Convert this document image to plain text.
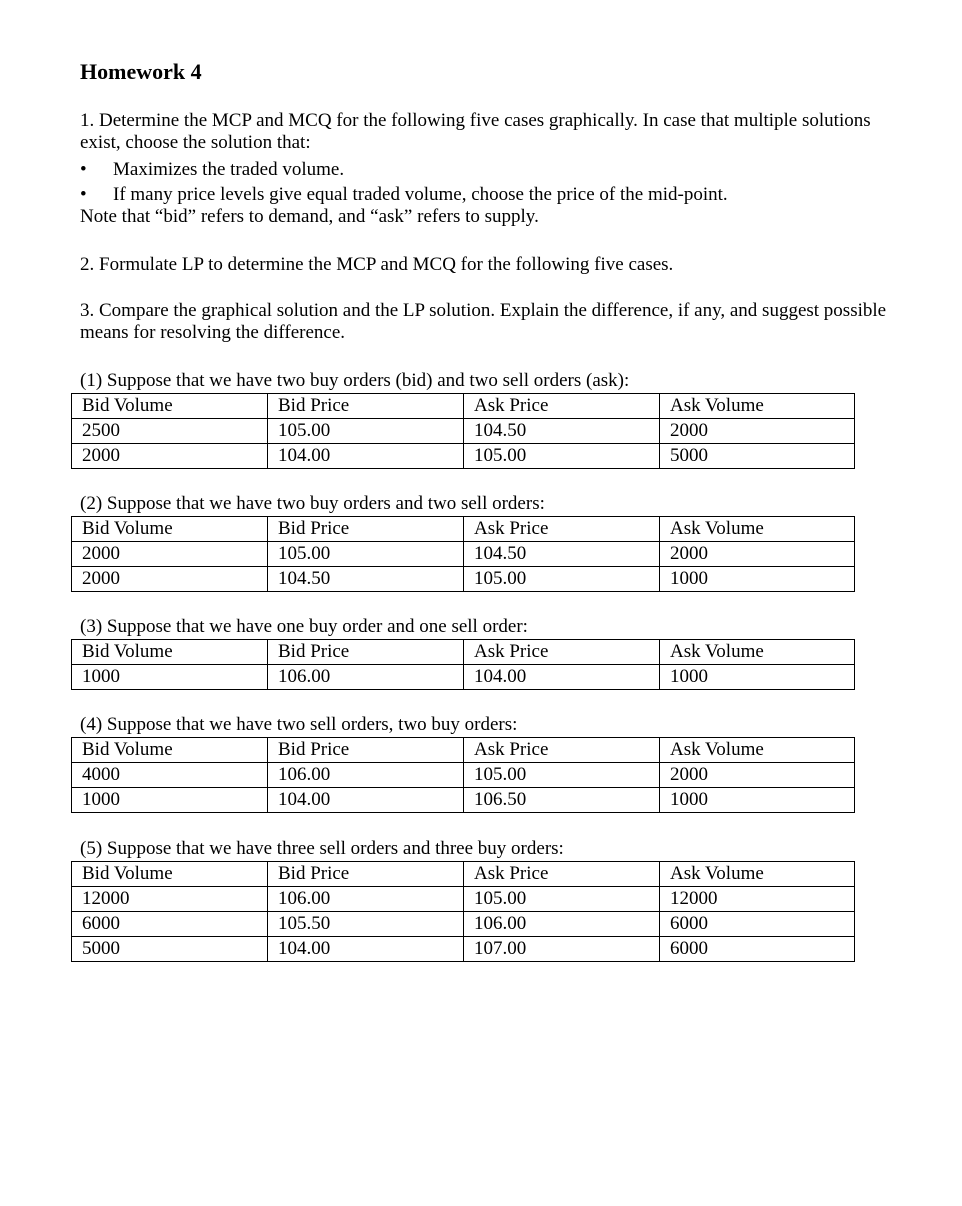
Homework 4

1. Determine the MCP and MCQ for the following five cases graphically. In case that multiple solutions exist, choose the solution that:

• Maximizes the traded volume.
• If many price levels give equal traded volume, choose the price of the mid-point.

Note that “bid” refers to demand, and “ask” refers to supply.

2. Formulate LP to determine the MCP and MCQ for the following five cases.

3. Compare the graphical solution and the LP solution. Explain the difference, if any, and suggest possible means for resolving the difference.

(1) Suppose that we have two buy orders (bid) and two sell orders (ask):

Bid Volume	Bid Price	Ask Price	Ask Volume
2500	105.00	104.50	2000
2000	104.00	105.00	5000

(2) Suppose that we have two buy orders and two sell orders:

Bid Volume	Bid Price	Ask Price	Ask Volume
2000	105.00	104.50	2000
2000	104.50	105.00	1000

(3) Suppose that we have one buy order and one sell order:

Bid Volume	Bid Price	Ask Price	Ask Volume
1000	106.00	104.00	1000

(4) Suppose that we have two sell orders, two buy orders:

Bid Volume	Bid Price	Ask Price	Ask Volume
4000	106.00	105.00	2000
1000	104.00	106.50	1000

(5) Suppose that we have three sell orders and three buy orders:

Bid Volume	Bid Price	Ask Price	Ask Volume
12000	106.00	105.00	12000
6000	105.50	106.00	6000
5000	104.00	107.00	6000
